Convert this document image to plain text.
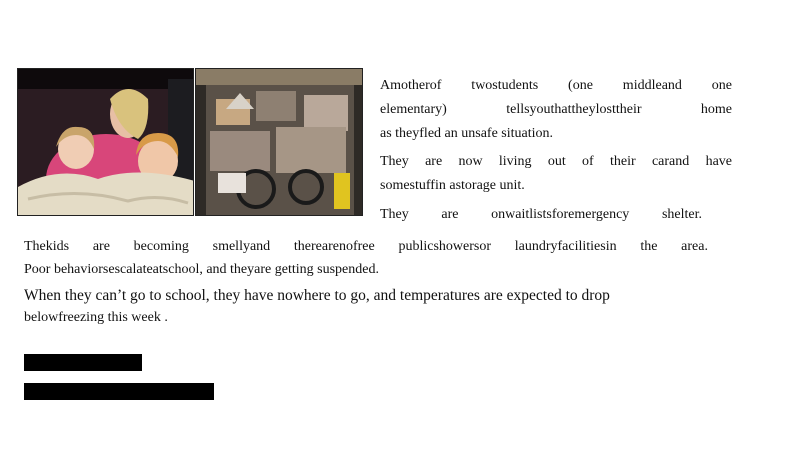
Amotherof twostudents (one middleand one

elementary) tellsyouthattheylosttheir home

as theyfled an unsafe situation.

They are now living out of their carand have

somestuffin astorage unit.

They are onwaitlistsforemergency shelter.

Thekids are becoming smellyand therearenofree publicshowersor laundryfacilitiesin the area.

Poor behaviorsescalateatschool, and theyare getting suspended.

When they can’t go to school, they have nowhere to go, and temperatures are expected to drop

belowfreezing this week .
